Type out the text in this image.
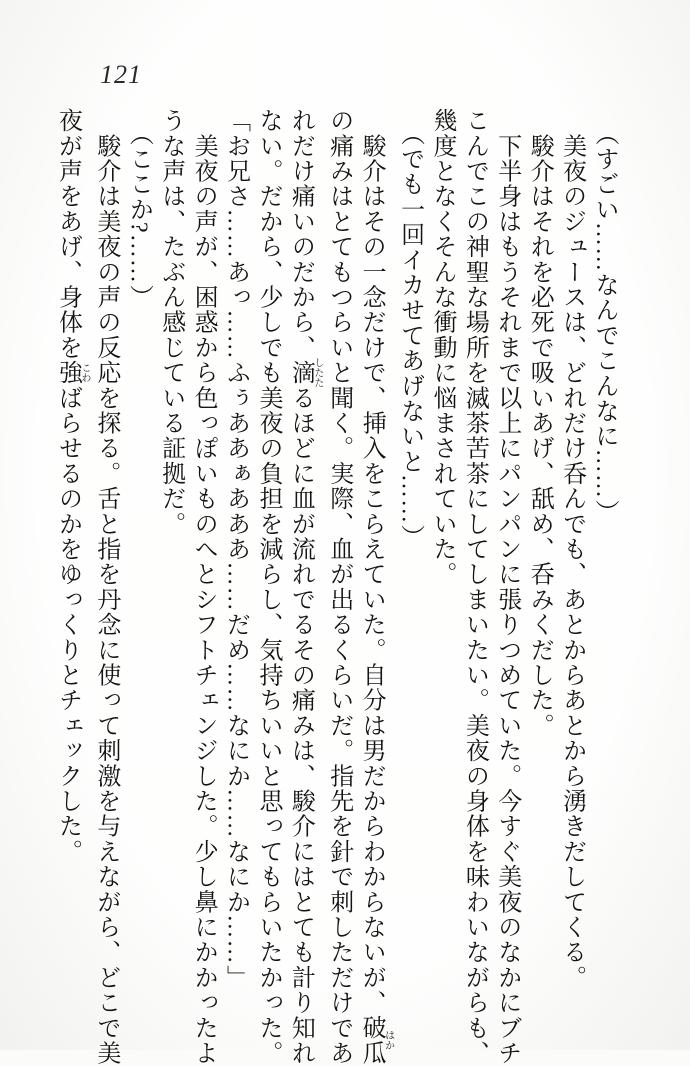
121

　（すごい……なんでこんなに……）

　美夜のジュースは、どれだけ呑んでも、あとからあとから湧きだしてくる。

　駿介はそれを必死で吸いあげ、舐め、呑みくだした。

　下半身はもうそれまで以上にパンパンに張りつめていた。今すぐ美夜のなかにブチ

こんでこの神聖な場所を滅茶苦茶にしてしまいたい。美夜の身体を味わいながらも、

幾度となくそんな衝動に悩まされていた。

　（でも一回イカせてあげないと……）

　駿介はその一念だけで、挿入をこらえていた。自分は男だからわからないが、破瓜はか

の痛みはとてもつらいと聞く。実際、血が出るくらいだ。指先を針で刺しただけであ

れだけ痛いのだから、滴したたるほどに血が流れでるその痛みは、駿介にはとても計り知れ

ない。だから、少しでも美夜の負担を減らし、気持ちいいと思ってもらいたかった。

「お兄さ……あっ……ふぅああぁあああ……だめ……なにか……なにか……」

　美夜の声が、困惑から色っぽいものへとシフトチェンジした。少し鼻にかかったよ

うな声は、たぶん感じている証拠だ。

　（ここか?……）

　駿介は美夜の声の反応を探る。舌と指を丹念に使って刺激を与えながら、どこで美

夜が声をあげ、身体を強こわばらせるのかをゆっくりとチェックした。
